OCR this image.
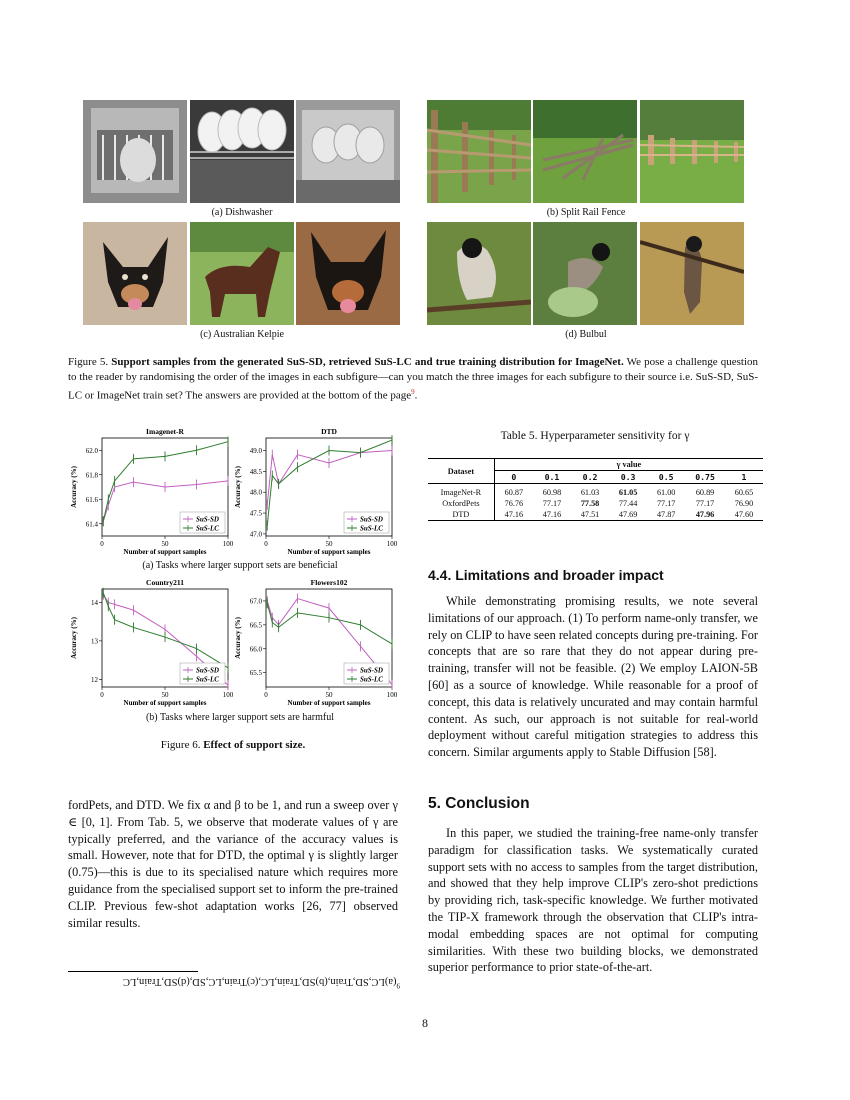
(a) Dishwasher	(b) Split Rail Fence
(c) Australian Kelpie	(d) Bulbul
Figure 5. Support samples from the generated SuS-SD, retrieved SuS-LC and true training distribution for ImageNet. We pose a challenge question to the reader by randomising the order of the images in each subfigure—can you match the three images for each subfigure to their source i.e. SuS-SD, SuS-LC or ImageNet train set? The answers are provided at the bottom of the page$^9$.
Imagenet-R
0	50	100
61.4
61.6
61.8
62.0
Number of support samples
Accuracy (%)
SuS-SD
SuS-LC
DTD
0	50	100
47.0
47.5
48.0
48.5
49.0
Number of support samples
Accuracy (%)
SuS-SD
SuS-LC
(a) Tasks where larger support sets are beneficial
Country211
0	50	100
12
13
14
Number of support samples
Accuracy (%)
SuS-SD
SuS-LC
Flowers102
0	50	100
65.5
66.0
66.5
67.0
Number of support samples
Accuracy (%)
SuS-SD
SuS-LC
(b) Tasks where larger support sets are harmful
Figure 6. Effect of support size.
Table 5. Hyperparameter sensitivity for γ
Dataset	γ value						
	0	0.1	0.2	0.3	0.5	0.75	1
ImageNet-R	60.87	60.98	61.03	61.05	61.00	60.89	60.65
OxfordPets	76.76	77.17	77.58	77.44	77.17	77.17	76.90
DTD	47.16	47.16	47.51	47.69	47.87	47.96	47.60
fordPets, and DTD. We fix α and β to be 1, and run a sweep over γ ∈ [0, 1]. From Tab. 5, we observe that moderate values of γ are typically preferred, and the variance of the accuracy values is small. However, note that for DTD, the optimal γ is slightly larger (0.75)—this is due to its specialised nature which requires more guidance from the specialised support set to inform the pre-trained CLIP. Previous few-shot adaptation works [26, 77] observed similar results.
$^9$(a)LC,SD,Train,(b)SD,Train,LC,(c)Train,LC,SD,(d)SD,Train,LC
4.4. Limitations and broader impact
While demonstrating promising results, we note several limitations of our approach. (1) To perform name-only transfer, we rely on CLIP to have seen related concepts during pre-training. For concepts that are so rare that they do not appear during pre-training, transfer will not be feasible. (2) We employ LAION-5B [60] as a source of knowledge. While reasonable for a proof of concept, this data is relatively uncurated and may contain harmful content. As such, our approach is not suitable for real-world deployment without careful mitigation strategies to address this concern. Similar arguments apply to Stable Diffusion [58].
5. Conclusion
In this paper, we studied the training-free name-only transfer paradigm for classification tasks. We systematically curated support sets with no access to samples from the target distribution, and showed that they help improve CLIP's zero-shot predictions by providing rich, task-specific knowledge. We further motivated the TIP-X framework through the observation that CLIP's intra-modal embedding spaces are not optimal for computing similarities. With these two building blocks, we demonstrated superior performance to prior state-of-the-art.
8
